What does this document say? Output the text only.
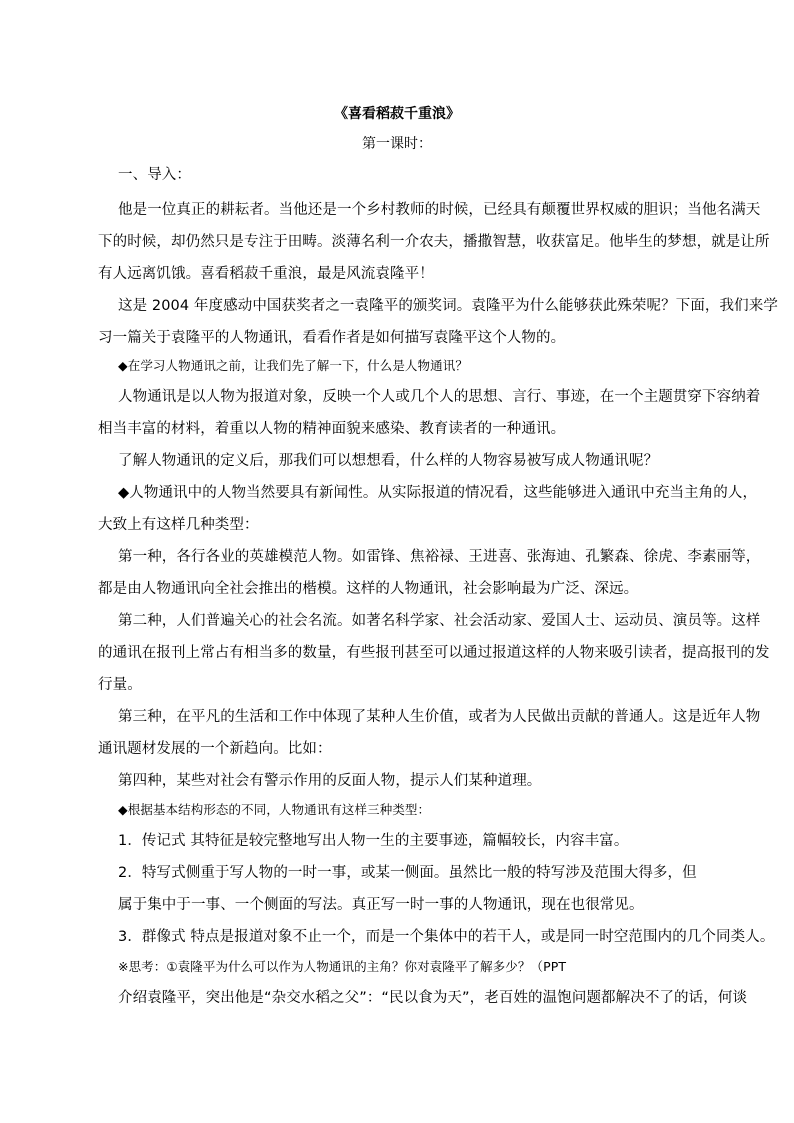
《喜看稻菽千重浪》
第一课时：
一、导入：
他是一位真正的耕耘者。当他还是一个乡村教师的时候，已经具有颠覆世界权威的胆识；当他名满天
下的时候，却仍然只是专注于田畴。淡薄名利一介农夫，播撒智慧，收获富足。他毕生的梦想，就是让所
有人远离饥饿。喜看稻菽千重浪，最是风流袁隆平！
这是 2004 年度感动中国获奖者之一袁隆平的颁奖词。袁隆平为什么能够获此殊荣呢？下面，我们来学
习一篇关于袁隆平的人物通讯，看看作者是如何描写袁隆平这个人物的。
◆在学习人物通讯之前，让我们先了解一下，什么是人物通讯？
人物通讯是以人物为报道对象，反映一个人或几个人的思想、言行、事迹，在一个主题贯穿下容纳着
相当丰富的材料，着重以人物的精神面貌来感染、教育读者的一种通讯。
了解人物通讯的定义后，那我们可以想想看，什么样的人物容易被写成人物通讯呢？
◆人物通讯中的人物当然要具有新闻性。从实际报道的情况看，这些能够进入通讯中充当主角的人，
大致上有这样几种类型：
第一种，各行各业的英雄模范人物。如雷锋、焦裕禄、王进喜、张海迪、孔繁森、徐虎、李素丽等，
都是由人物通讯向全社会推出的楷模。这样的人物通讯，社会影响最为广泛、深远。
第二种，人们普遍关心的社会名流。如著名科学家、社会活动家、爱国人士、运动员、演员等。这样
的通讯在报刊上常占有相当多的数量，有些报刊甚至可以通过报道这样的人物来吸引读者，提高报刊的发
行量。
第三种，在平凡的生活和工作中体现了某种人生价值，或者为人民做出贡献的普通人。这是近年人物
通讯题材发展的一个新趋向。比如：
第四种，某些对社会有警示作用的反面人物，提示人们某种道理。
◆根据基本结构形态的不同，人物通讯有这样三种类型：
1．传记式 其特征是较完整地写出人物一生的主要事迹，篇幅较长，内容丰富。
2．特写式侧重于写人物的一时一事，或某一侧面。虽然比一般的特写涉及范围大得多，但
属于集中于一事、一个侧面的写法。真正写一时一事的人物通讯，现在也很常见。
3．群像式 特点是报道对象不止一个，而是一个集体中的若干人，或是同一时空范围内的几个同类人。
※思考：①袁隆平为什么可以作为人物通讯的主角？你对袁隆平了解多少？（PPT
介绍袁隆平，突出他是“杂交水稻之父”：“民以食为天”，老百姓的温饱问题都解决不了的话，何谈
